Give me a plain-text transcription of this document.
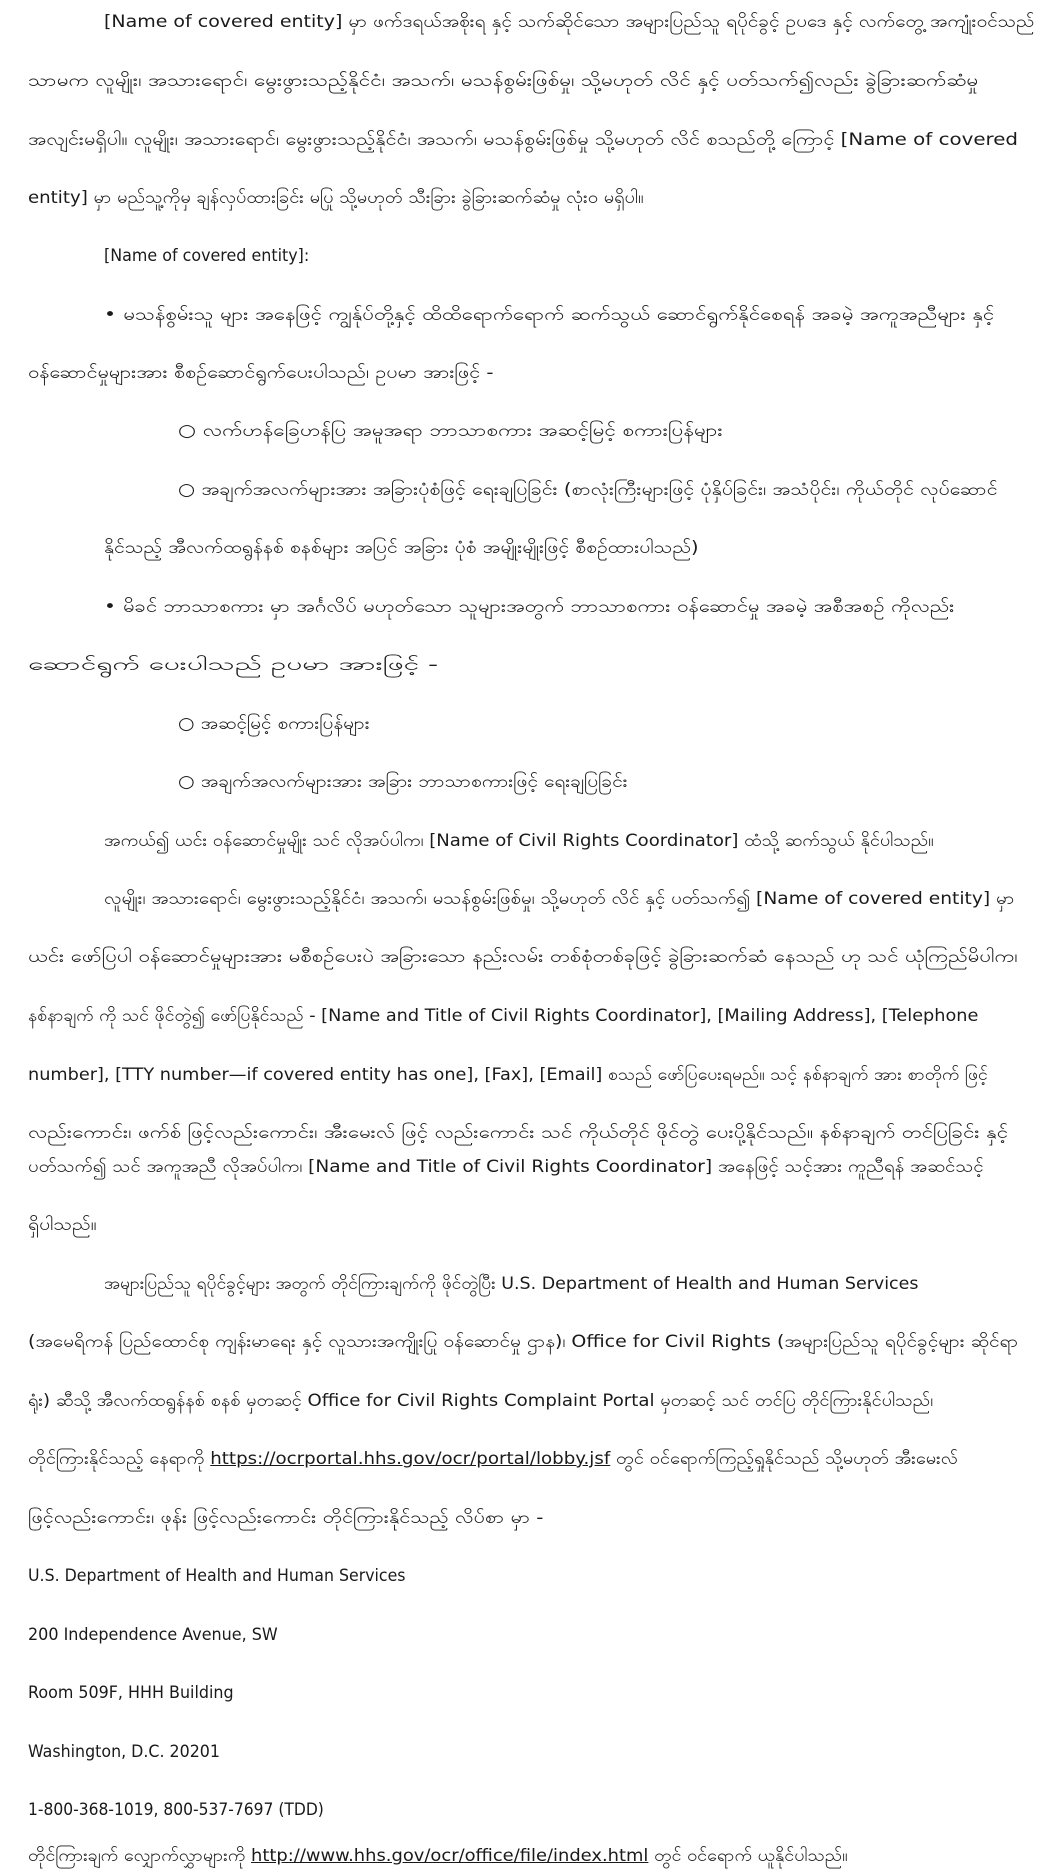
[Name of covered entity] မှာ ဖက်ဒရယ်အစိုးရ နှင့် သက်ဆိုင်သော အများပြည်သူ ရပိုင်ခွင့် ဥပဒေ နှင့် လက်တွေ့ အကျုံးဝင်သည်
သာမက လူမျိုး၊ အသားရောင်၊ မွေးဖွားသည့်နိုင်ငံ၊ အသက်၊ မသန်စွမ်းဖြစ်မှု၊ သို့မဟုတ် လိင် နှင့် ပတ်သက်၍လည်း ခွဲခြားဆက်ဆံမှု
အလျင်းမရှိပါ။ လူမျိုး၊ အသားရောင်၊ မွေးဖွားသည့်နိုင်ငံ၊ အသက်၊ မသန်စွမ်းဖြစ်မှု သို့မဟုတ် လိင် စသည်တို့ ကြောင့် [Name of covered
entity] မှာ မည်သူ့ကိုမှ ချန်လှပ်ထားခြင်း မပြု သို့မဟုတ် သီးခြား ခွဲခြားဆက်ဆံမှု လုံးဝ မရှိပါ။
[Name of covered entity]:
• မသန်စွမ်းသူ များ အနေဖြင့် ကျွန်ုပ်တို့နှင့် ထိထိရောက်ရောက် ဆက်သွယ် ဆောင်ရွက်နိုင်စေရန် အခမဲ့ အကူအညီများ နှင့်
ဝန်ဆောင်မှုများအား စီစဉ်ဆောင်ရွက်ပေးပါသည်၊ ဥပမာ အားဖြင့် -
○ လက်ဟန်ခြေဟန်ပြ အမူအရာ ဘာသာစကား အဆင့်မြင့် စကားပြန်များ
○ အချက်အလက်များအား အခြားပုံစံဖြင့် ရေးချပြခြင်း (စာလုံးကြီးများဖြင့် ပုံနှိပ်ခြင်း၊ အသံပိုင်း၊ ကိုယ်တိုင် လုပ်ဆောင်
နိုင်သည့် အီလက်ထရွန်နစ် စနစ်များ အပြင် အခြား ပုံစံ အမျိုးမျိုးဖြင့် စီစဉ်ထားပါသည်)
• မိခင် ဘာသာစကား မှာ အင်္ဂလိပ် မဟုတ်သော သူများအတွက် ဘာသာစကား ဝန်ဆောင်မှု အခမဲ့ အစီအစဉ် ကိုလည်း
ဆောင်ရွက် ပေးပါသည် ဥပမာ အားဖြင့် -
○ အဆင့်မြင့် စကားပြန်များ
○ အချက်အလက်များအား အခြား ဘာသာစကားဖြင့် ရေးချပြခြင်း
အကယ်၍ ယင်း ဝန်ဆောင်မှုမျိုး သင် လိုအပ်ပါက၊ [Name of Civil Rights Coordinator] ထံသို့ ဆက်သွယ် နိုင်ပါသည်။
လူမျိုး၊ အသားရောင်၊ မွေးဖွားသည့်နိုင်ငံ၊ အသက်၊ မသန်စွမ်းဖြစ်မှု၊ သို့မဟုတ် လိင် နှင့် ပတ်သက်၍ [Name of covered entity] မှာ
ယင်း ဖော်ပြပါ ဝန်ဆောင်မှုများအား မစီစဉ်ပေးပဲ အခြားသော နည်းလမ်း တစ်စုံတစ်ခုဖြင့် ခွဲခြားဆက်ဆံ နေသည် ဟု သင် ယုံကြည်မိပါက၊
နစ်နာချက် ကို သင် ဖိုင်တွဲ၍ ဖော်ပြနိုင်သည် - [Name and Title of Civil Rights Coordinator], [Mailing Address], [Telephone
number], [TTY number—if covered entity has one], [Fax], [Email] စသည် ဖော်ပြပေးရမည်။ သင့် နစ်နာချက် အား စာတိုက် ဖြင့်
လည်းကောင်း၊ ဖက်စ် ဖြင့်လည်းကောင်း၊ အီးမေးလ် ဖြင့် လည်းကောင်း သင် ကိုယ်တိုင် ဖိုင်တွဲ ပေးပို့နိုင်သည်။ နစ်နာချက် တင်ပြခြင်း နှင့်
ပတ်သက်၍ သင် အကူအညီ လိုအပ်ပါက၊ [Name and Title of Civil Rights Coordinator] အနေဖြင့် သင့်အား ကူညီရန် အဆင်သင့်
ရှိပါသည်။
အများပြည်သူ ရပိုင်ခွင့်များ အတွက် တိုင်ကြားချက်ကို ဖိုင်တွဲပြီး U.S. Department of Health and Human Services
(အမေရိကန် ပြည်ထောင်စု ကျန်းမာရေး နှင့် လူသားအကျိုးပြု ဝန်ဆောင်မှု ဌာန)၊ Office for Civil Rights (အများပြည်သူ ရပိုင်ခွင့်များ ဆိုင်ရာ
ရုံး) ဆီသို့ အီလက်ထရွန်နစ် စနစ် မှတဆင့် Office for Civil Rights Complaint Portal မှတဆင့် သင် တင်ပြ တိုင်ကြားနိုင်ပါသည်၊
တိုင်ကြားနိုင်သည့် နေရာကို https://ocrportal.hhs.gov/ocr/portal/lobby.jsf တွင် ဝင်ရောက်ကြည့်ရှုနိုင်သည် သို့မဟုတ် အီးမေးလ်
ဖြင့်လည်းကောင်း၊ ဖုန်း ဖြင့်လည်းကောင်း တိုင်ကြားနိုင်သည့် လိပ်စာ မှာ -
U.S. Department of Health and Human Services
200 Independence Avenue, SW
Room 509F, HHH Building
Washington, D.C. 20201
1-800-368-1019, 800-537-7697 (TDD)
တိုင်ကြားချက် လျှောက်လွှာများကို http://www.hhs.gov/ocr/office/file/index.html တွင် ဝင်ရောက် ယူနိုင်ပါသည်။
